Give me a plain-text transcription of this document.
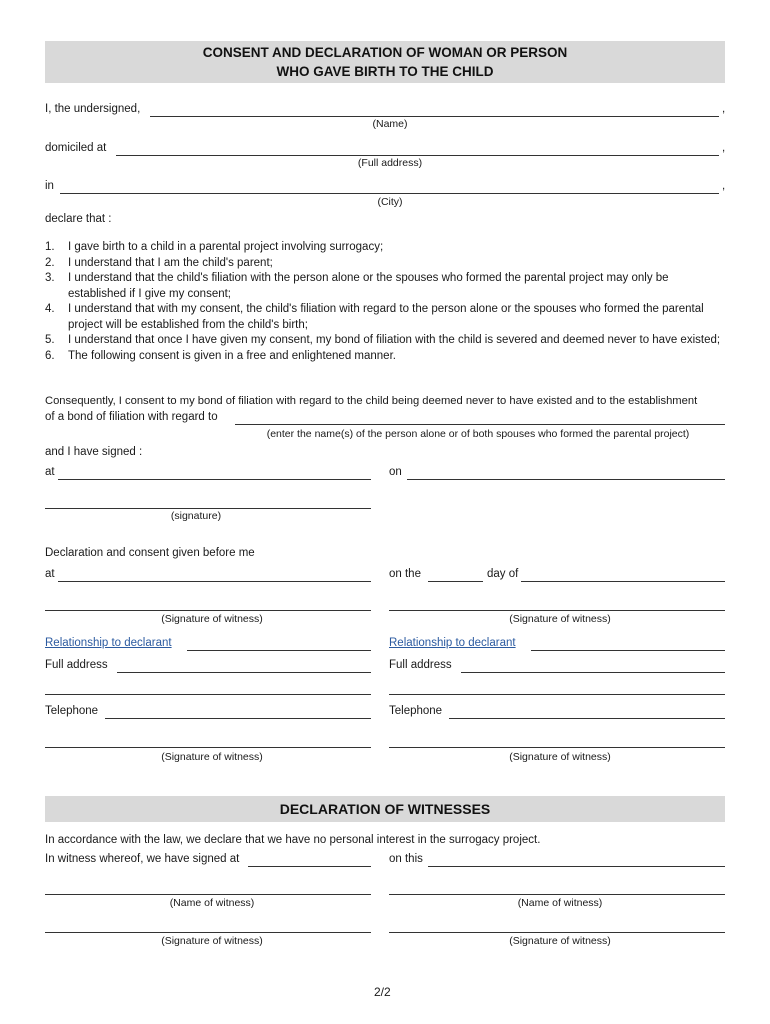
CONSENT AND DECLARATION OF WOMAN OR PERSON
WHO GAVE BIRTH TO THE CHILD
I, the undersigned,	,
(Name)
domiciled at	,
(Full address)
in	,
(City)
declare that :
1. I gave birth to a child in a parental project involving surrogacy;
2. I understand that I am the child's parent;
3. I understand that the child's filiation with the person alone or the spouses who formed the parental project may only be established if I give my consent;
4. I understand that with my consent, the child's filiation with regard to the person alone or the spouses who formed the parental project will be established from the child's birth;
5. I understand that once I have given my consent, my bond of filiation with the child is severed and deemed never to have existed;
6. The following consent is given in a free and enlightened manner.
Consequently, I consent to my bond of filiation with regard to the child being deemed never to have existed and to the establishment
of a bond of filiation with regard to
(enter the name(s) of the person alone or of both spouses who formed the parental project)
and I have signed :
at	on
(signature)
Declaration and consent given before me
at	on the	day of
(Signature of witness)	(Signature of witness)
Relationship to declarant	Relationship to declarant
Full address	Full address
Telephone	Telephone
(Signature of witness)	(Signature of witness)
DECLARATION OF WITNESSES
In accordance with the law, we declare that we have no personal interest in the surrogacy project.
In witness whereof, we have signed at	on this
(Name of witness)	(Name of witness)
(Signature of witness)	(Signature of witness)
2/2
